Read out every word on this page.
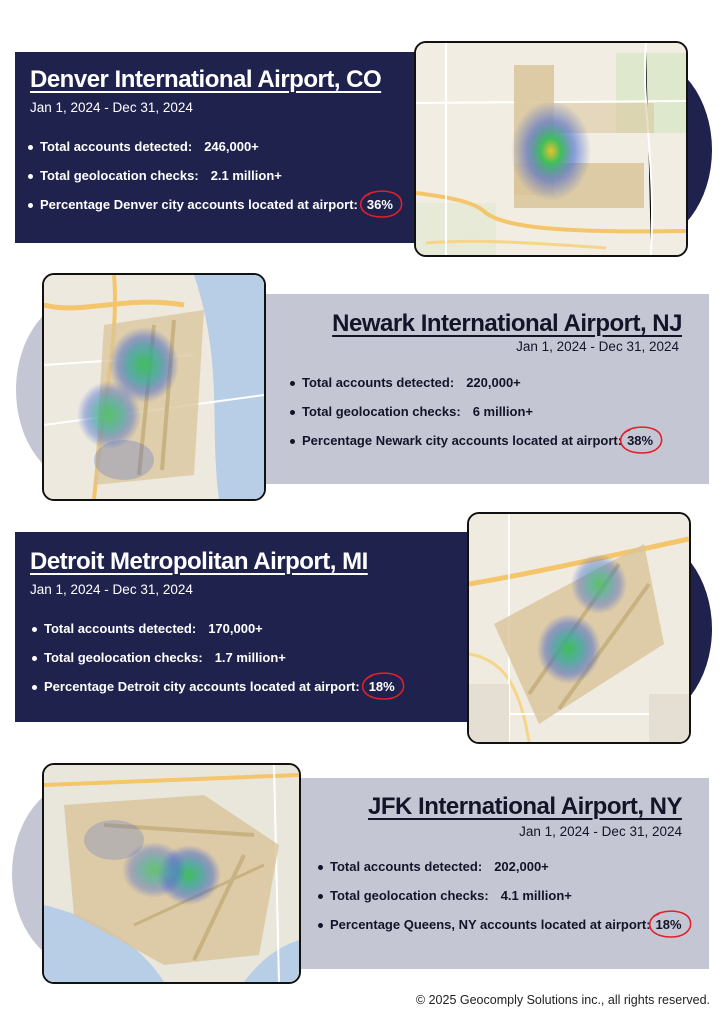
Denver International Airport, CO
Jan 1, 2024 - Dec 31, 2024
Total accounts detected: 246,000+
Total geolocation checks: 2.1 million+
Percentage Denver city accounts located at airport: 36%
Newark International Airport, NJ
Jan 1, 2024 - Dec 31, 2024
Total accounts detected: 220,000+
Total geolocation checks: 6 million+
Percentage Newark city accounts located at airport: 38%
Detroit Metropolitan Airport, MI
Jan 1, 2024 - Dec 31, 2024
Total accounts detected: 170,000+
Total geolocation checks: 1.7 million+
Percentage Detroit city accounts located at airport: 18%
JFK International Airport, NY
Jan 1, 2024 - Dec 31, 2024
Total accounts detected: 202,000+
Total geolocation checks: 4.1 million+
Percentage Queens, NY accounts located at airport: 18%
© 2025 Geocomply Solutions inc., all rights reserved.
